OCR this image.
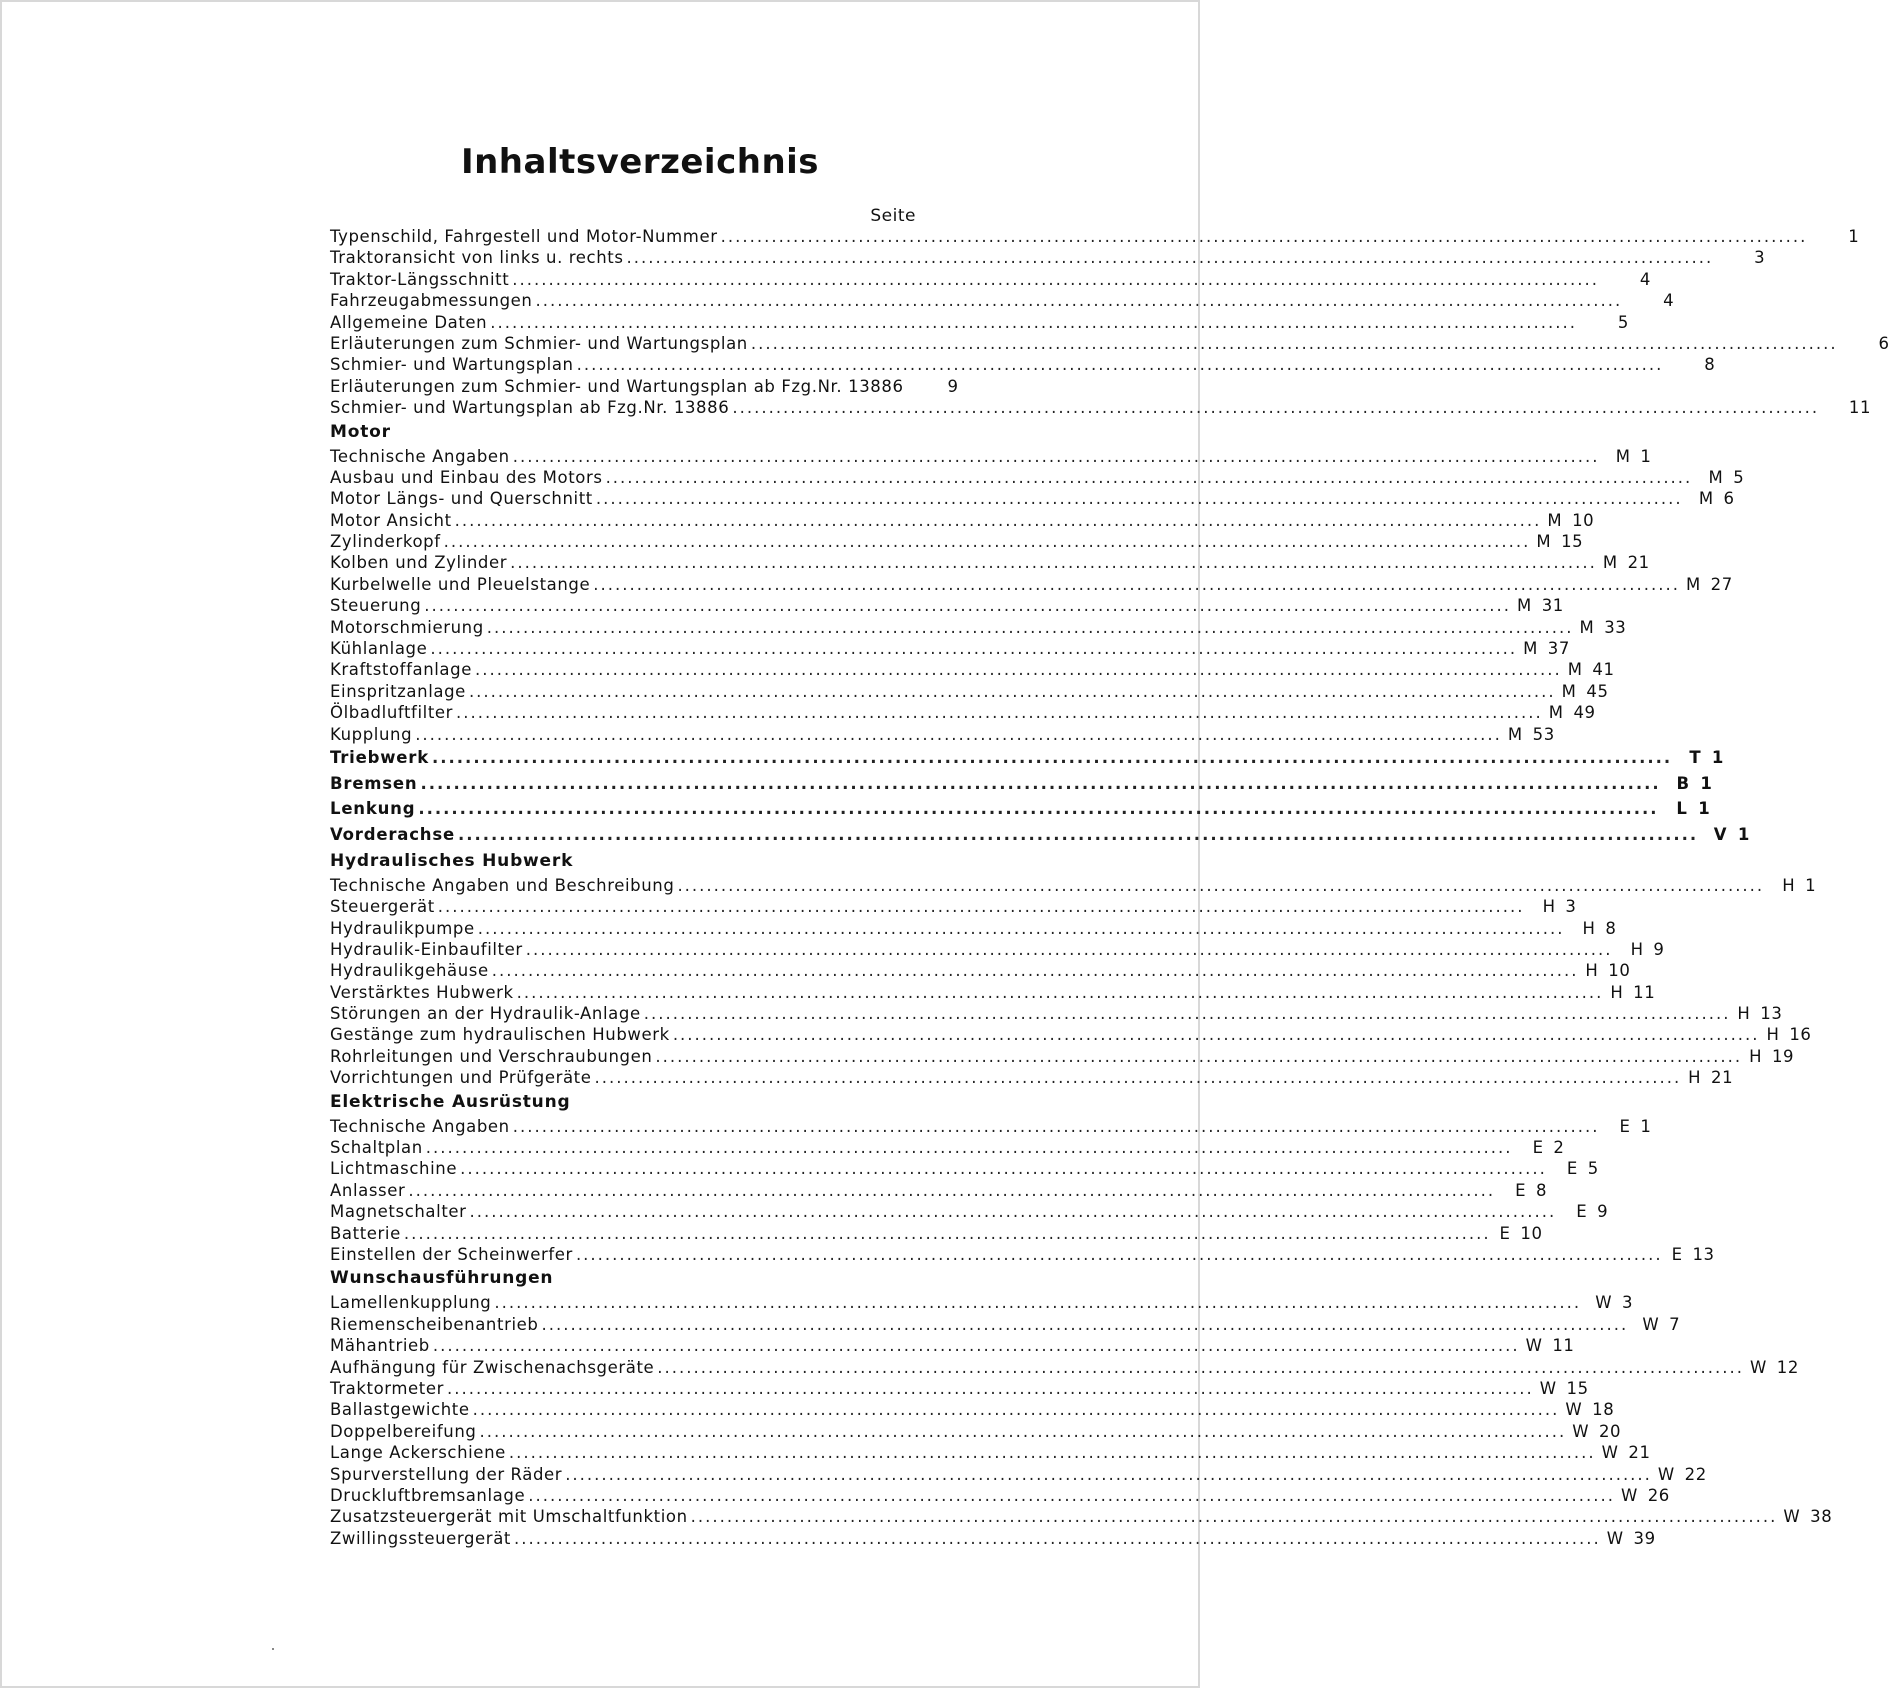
Inhaltsverzeichnis
Seite
Typenschild, Fahrgestell und Motor-Nummer .....	1
Traktoransicht von links u. rechts .....	3
Traktor-Längsschnitt .....	4
Fahrzeugabmessungen .....	4
Allgemeine Daten .....	5
Erläuterungen zum Schmier- und Wartungsplan .....	6
Schmier- und Wartungsplan .....	8
Erläuterungen zum Schmier- und Wartungsplan ab Fzg.Nr. 13886	9
Schmier- und Wartungsplan ab Fzg.Nr. 13886 .....	11
Motor
Technische Angaben .....	M 1
Ausbau und Einbau des Motors .....	M 5
Motor Längs- und Querschnitt .....	M 6
Motor Ansicht .....	M 10
Zylinderkopf .....	M 15
Kolben und Zylinder .....	M 21
Kurbelwelle und Pleuelstange .....	M 27
Steuerung .....	M 31
Motorschmierung .....	M 33
Kühlanlage .....	M 37
Kraftstoffanlage .....	M 41
Einspritzanlage .....	M 45
Ölbadluftfilter .....	M 49
Kupplung .....	M 53
Triebwerk .....	T 1
Bremsen .....	B 1
Lenkung .....	L 1
Vorderachse .....	V 1
Hydraulisches Hubwerk
Technische Angaben und Beschreibung .....	H 1
Steuergerät .....	H 3
Hydraulikpumpe .....	H 8
Hydraulik-Einbaufilter .....	H 9
Hydraulikgehäuse .....	H 10
Verstärktes Hubwerk .....	H 11
Störungen an der Hydraulik-Anlage .....	H 13
Gestänge zum hydraulischen Hubwerk .....	H 16
Rohrleitungen und Verschraubungen .....	H 19
Vorrichtungen und Prüfgeräte .....	H 21
Elektrische Ausrüstung
Technische Angaben .....	E 1
Schaltplan .....	E 2
Lichtmaschine .....	E 5
Anlasser .....	E 8
Magnetschalter .....	E 9
Batterie .....	E 10
Einstellen der Scheinwerfer .....	E 13
Wunschausführungen
Lamellenkupplung .....	W 3
Riemenscheibenantrieb .....	W 7
Mähantrieb .....	W 11
Aufhängung für Zwischenachsgeräte .....	W 12
Traktormeter .....	W 15
Ballastgewichte .....	W 18
Doppelbereifung .....	W 20
Lange Ackerschiene .....	W 21
Spurverstellung der Räder .....	W 22
Druckluftbremsanlage .....	W 26
Zusatzsteuergerät mit Umschaltfunktion .....	W 38
Zwillingssteuergerät .....	W 39
